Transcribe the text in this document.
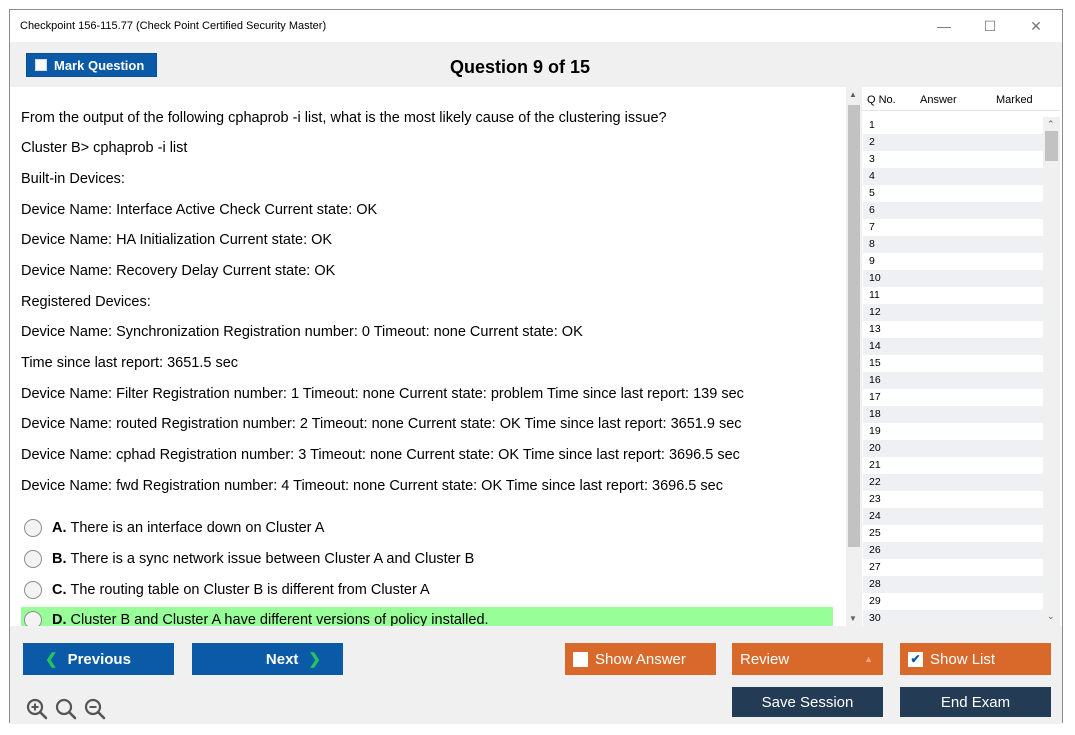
Checkpoint 156-115.77 (Check Point Certified Security Master)	—	☐	✕
Mark Question	Question 9 of 15

From the output of the following cphaprob -i list, what is the most likely cause of the clustering issue?

Cluster B> cphaprob -i list

Built-in Devices:

Device Name: Interface Active Check Current state: OK

Device Name: HA Initialization Current state: OK

Device Name: Recovery Delay Current state: OK

Registered Devices:

Device Name: Synchronization Registration number: 0 Timeout: none Current state: OK

Time since last report: 3651.5 sec

Device Name: Filter Registration number: 1 Timeout: none Current state: problem Time since last report: 139 sec

Device Name: routed Registration number: 2 Timeout: none Current state: OK Time since last report: 3651.9 sec

Device Name: cphad Registration number: 3 Timeout: none Current state: OK Time since last report: 3696.5 sec

Device Name: fwd Registration number: 4 Timeout: none Current state: OK Time since last report: 3696.5 sec

A. There is an interface down on Cluster A
B. There is a sync network issue between Cluster A and Cluster B
C. The routing table on Cluster B is different from Cluster A
D. Cluster B and Cluster A have different versions of policy installed.
▲
▼
Q No. Answer	Marked
1
2
3
4
5
6
7
8
9
10
11
12
13
14
15
16
17
18
19
20
21
22
23
24
25
26
27
28
29
30
⌃
⌄
❮ Previous	Next ❯	Show Answer	Review	▲	✔ Show List
Save Session	End Exam
